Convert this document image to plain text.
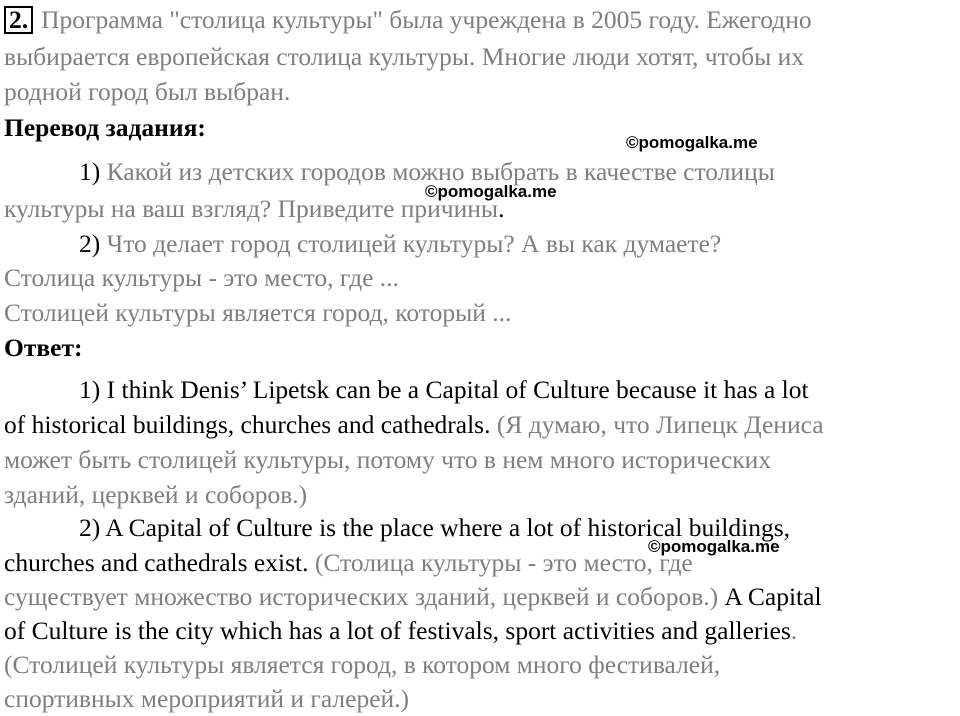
2. Программа "столица культуры" была учреждена в 2005 году. Ежегодно
выбирается европейская столица культуры. Многие люди хотят, чтобы их
родной город был выбран.
Перевод задания:
1) Какой из детских городов можно выбрать в качестве столицы
культуры на ваш взгляд? Приведите причины.
2) Что делает город столицей культуры? А вы как думаете?
Столица культуры - это место, где ...
Столицей культуры является город, который ...
Ответ:
1) I think Denis’ Lipetsk can be a Capital of Culture because it has a lot
of historical buildings, churches and cathedrals. (Я думаю, что Липецк Дениса
может быть столицей культуры, потому что в нем много исторических
зданий, церквей и соборов.)
2) A Capital of Culture is the place where a lot of historical buildings,
churches and cathedrals exist. (Столица культуры - это место, где
существует множество исторических зданий, церквей и соборов.) A Capital
of Culture is the city which has a lot of festivals, sport activities and galleries.
(Столицей культуры является город, в котором много фестивалей,
спортивных мероприятий и галерей.)
©pomogalka.me
©pomogalka.me
©pomogalka.me
